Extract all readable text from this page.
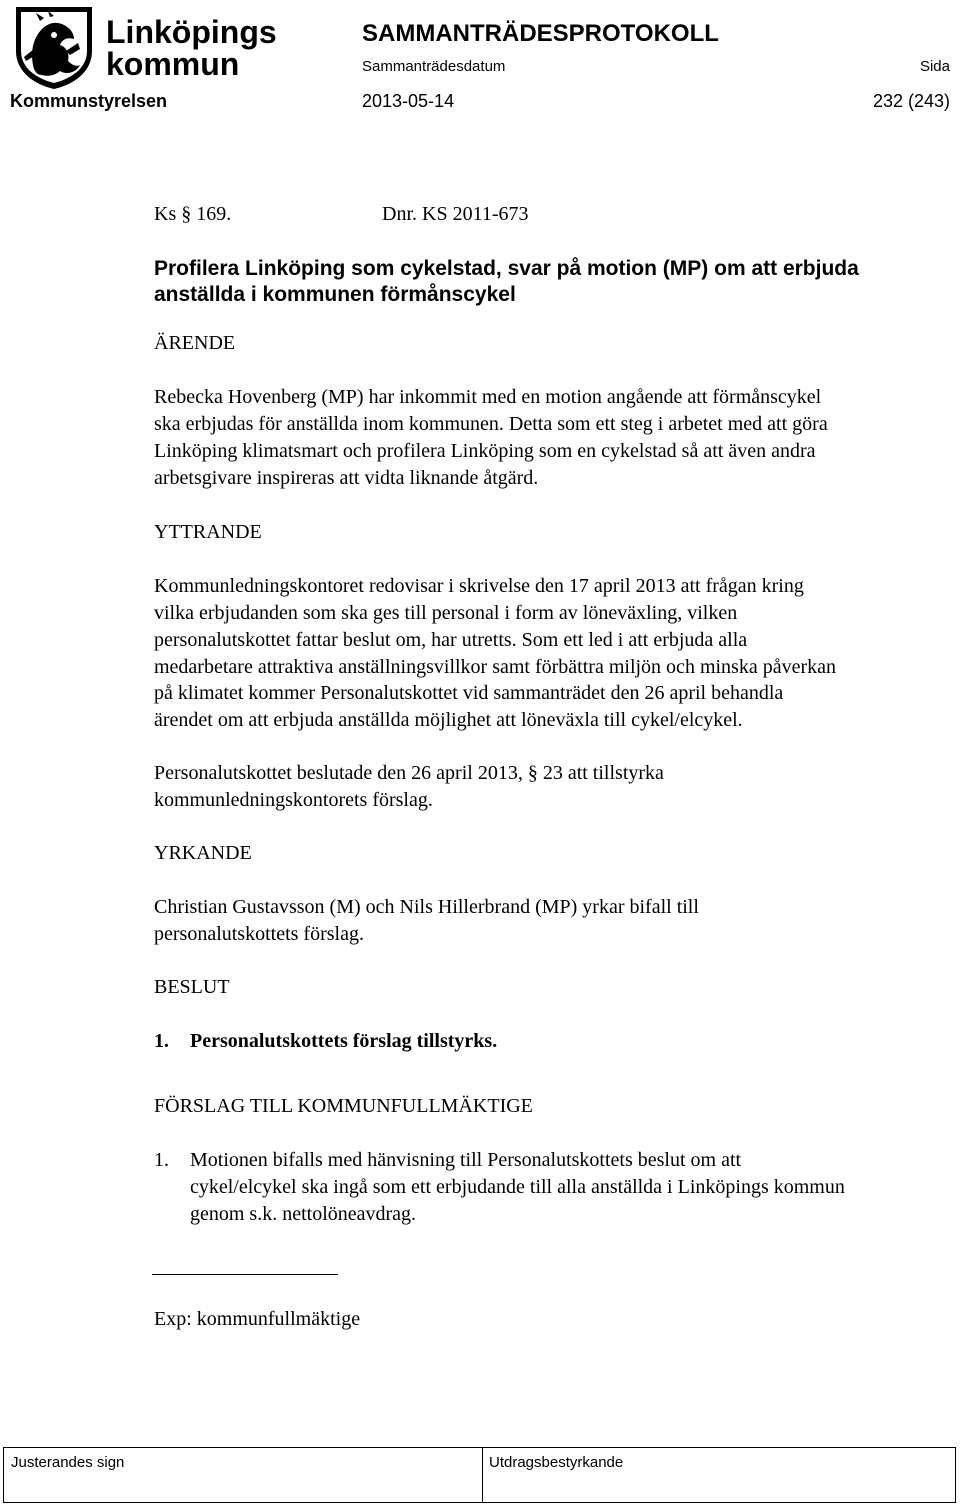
Linköpings
kommun
SAMMANTRÄDESPROTOKOLL
Sammanträdesdatum	Sida
Kommunstyrelsen	2013-05-14	232 (243)
Ks § 169.	Dnr. KS 2011-673
Profilera Linköping som cykelstad, svar på motion (MP) om att erbjuda
anställda i kommunen förmånscykel
ÄRENDE
Rebecka Hovenberg (MP) har inkommit med en motion angående att förmånscykel
ska erbjudas för anställda inom kommunen. Detta som ett steg i arbetet med att göra
Linköping klimatsmart och profilera Linköping som en cykelstad så att även andra
arbetsgivare inspireras att vidta liknande åtgärd.
YTTRANDE
Kommunledningskontoret redovisar i skrivelse den 17 april 2013 att frågan kring
vilka erbjudanden som ska ges till personal i form av löneväxling, vilken
personalutskottet fattar beslut om, har utretts. Som ett led i att erbjuda alla
medarbetare attraktiva anställningsvillkor samt förbättra miljön och minska påverkan
på klimatet kommer Personalutskottet vid sammanträdet den 26 april behandla
ärendet om att erbjuda anställda möjlighet att löneväxla till cykel/elcykel.
Personalutskottet beslutade den 26 april 2013, § 23 att tillstyrka
kommunledningskontorets förslag.
YRKANDE
Christian Gustavsson (M) och Nils Hillerbrand (MP) yrkar bifall till
personalutskottets förslag.
BESLUT
1. Personalutskottets förslag tillstyrks.
FÖRSLAG TILL KOMMUNFULLMÄKTIGE
1. Motionen bifalls med hänvisning till Personalutskottets beslut om att
cykel/elcykel ska ingå som ett erbjudande till alla anställda i Linköpings kommun
genom s.k. nettolöneavdrag.
Exp: kommunfullmäktige
Justerandes sign	Utdragsbestyrkande
